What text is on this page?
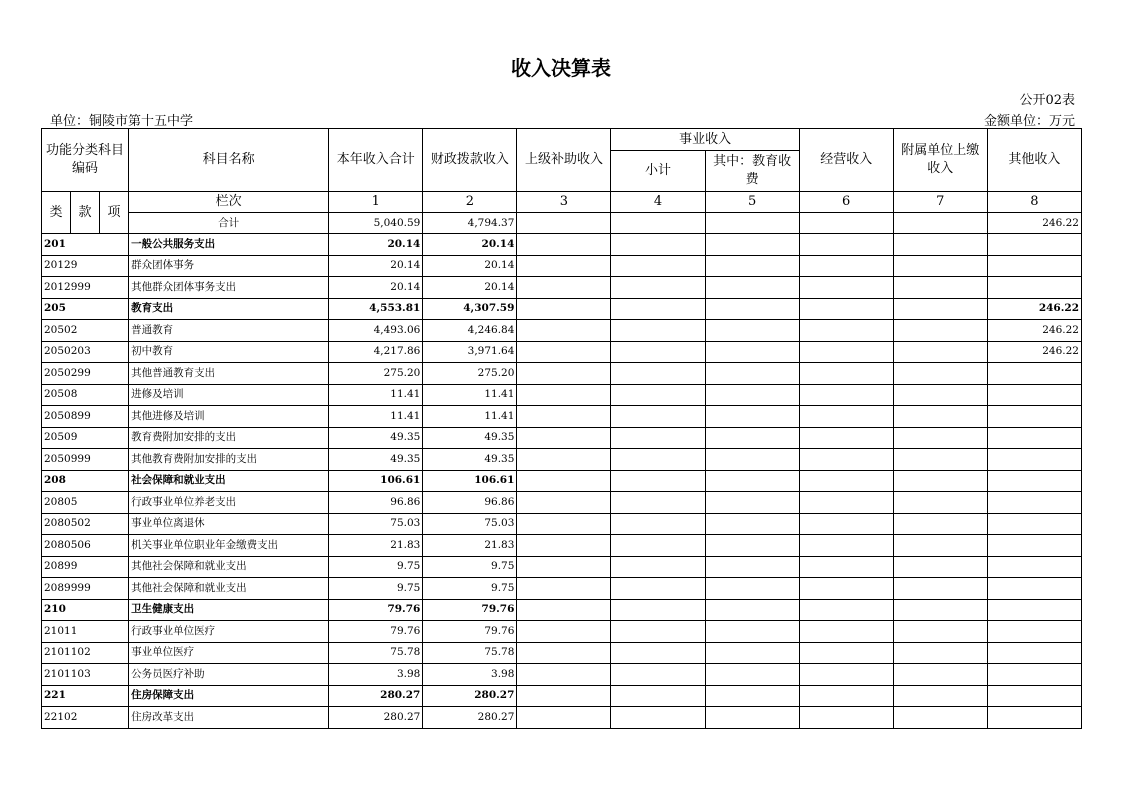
收入决算表
公开02表
单位：铜陵市第十五中学	金额单位：万元
功能分类科目编码			科目名称	本年收入合计	财政拨款收入	上级补助收入	事业收入		经营收入	附属单位上缴收入	其他收入
							小计	其中：教育收费			
类	款	项	栏次	1	2	3	4	5	6	7	8
			合计	5,040.59	4,794.37						246.22
201			一般公共服务支出	20.14	20.14						
20129			群众团体事务	20.14	20.14						
2012999			其他群众团体事务支出	20.14	20.14						
205			教育支出	4,553.81	4,307.59						246.22
20502			普通教育	4,493.06	4,246.84						246.22
2050203			初中教育	4,217.86	3,971.64						246.22
2050299			其他普通教育支出	275.20	275.20						
20508			进修及培训	11.41	11.41						
2050899			其他进修及培训	11.41	11.41						
20509			教育费附加安排的支出	49.35	49.35						
2050999			其他教育费附加安排的支出	49.35	49.35						
208			社会保障和就业支出	106.61	106.61						
20805			行政事业单位养老支出	96.86	96.86						
2080502			事业单位离退休	75.03	75.03						
2080506			机关事业单位职业年金缴费支出	21.83	21.83						
20899			其他社会保障和就业支出	9.75	9.75						
2089999			其他社会保障和就业支出	9.75	9.75						
210			卫生健康支出	79.76	79.76						
21011			行政事业单位医疗	79.76	79.76						
2101102			事业单位医疗	75.78	75.78						
2101103			公务员医疗补助	3.98	3.98						
221			住房保障支出	280.27	280.27						
22102			住房改革支出	280.27	280.27						
